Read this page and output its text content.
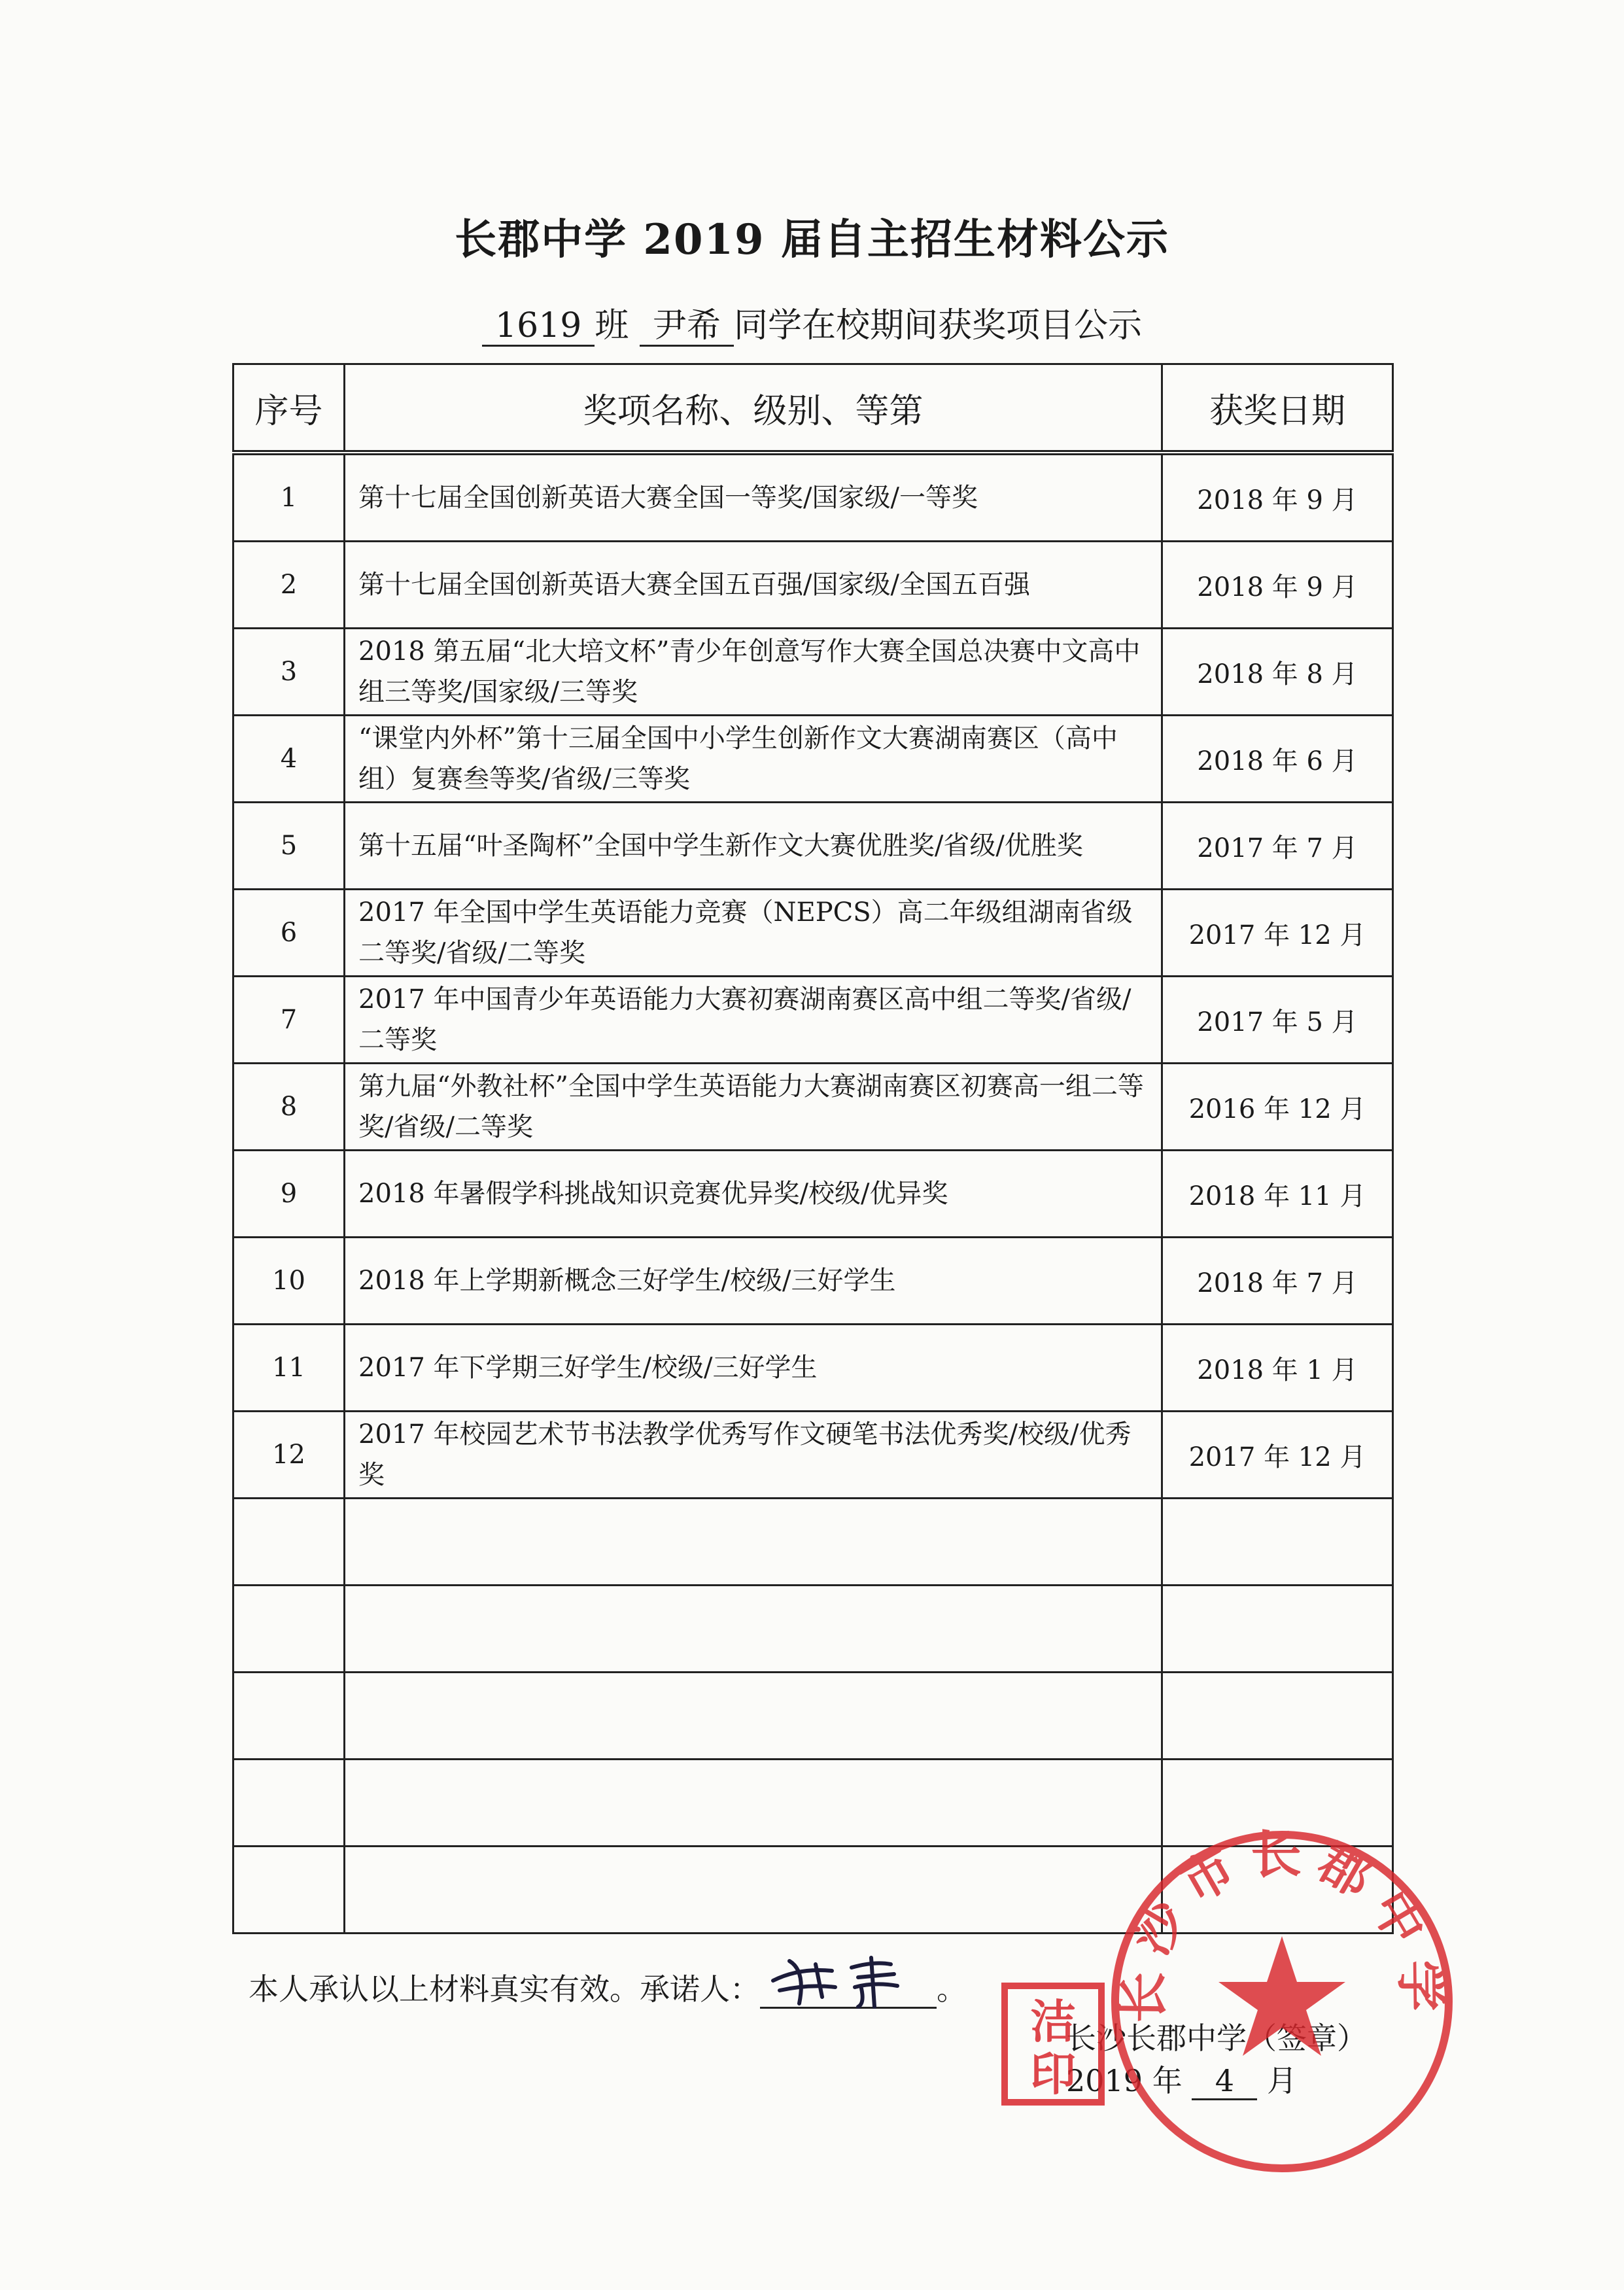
长郡中学 2019 届自主招生材料公示
1619 班 尹希 同学在校期间获奖项目公示
序号	奖项名称、级别、等第	获奖日期
1	第十七届全国创新英语大赛全国一等奖/国家级/一等奖	2018 年 9 月
2	第十七届全国创新英语大赛全国五百强/国家级/全国五百强	2018 年 9 月
3	2018 第五届“北大培文杯”青少年创意写作大赛全国总决赛中文高中组三等奖/国家级/三等奖	2018 年 8 月
4	“课堂内外杯”第十三届全国中小学生创新作文大赛湖南赛区（高中组）复赛叁等奖/省级/三等奖	2018 年 6 月
5	第十五届“叶圣陶杯”全国中学生新作文大赛优胜奖/省级/优胜奖	2017 年 7 月
6	2017 年全国中学生英语能力竞赛（NEPCS）高二年级组湖南省级二等奖/省级/二等奖	2017 年 12 月
7	2017 年中国青少年英语能力大赛初赛湖南赛区高中组二等奖/省级/二等奖	2017 年 5 月
8	第九届“外教社杯”全国中学生英语能力大赛湖南赛区初赛高一组二等奖/省级/二等奖	2016 年 12 月
9	2018 年暑假学科挑战知识竞赛优异奖/校级/优异奖	2018 年 11 月
10	2018 年上学期新概念三好学生/校级/三好学生	2018 年 7 月
11	2017 年下学期三好学生/校级/三好学生	2018 年 1 月
12	2017 年校园艺术节书法教学优秀写作文硬笔书法优秀奖/校级/优秀奖	2017 年 12 月

本人承认以上材料真实有效。承诺人：	。
长沙长郡中学（签章）
2019 年 4 月
长沙市长郡中学
洁
印
